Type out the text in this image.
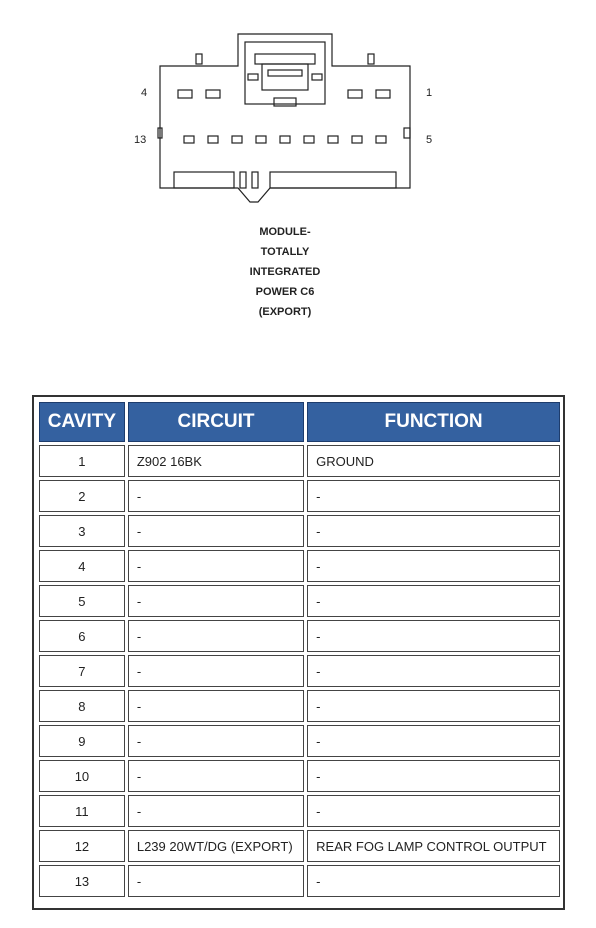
4	1
13	5
MODULE-
TOTALLY
INTEGRATED
POWER C6
(EXPORT)
CAVITY	CIRCUIT	FUNCTION
1	Z902 16BK	GROUND
2	-	-
3	-	-
4	-	-
5	-	-
6	-	-
7	-	-
8	-	-
9	-	-
10	-	-
11	-	-
12	L239 20WT/DG (EXPORT)	REAR FOG LAMP CONTROL OUTPUT
13	-	-
